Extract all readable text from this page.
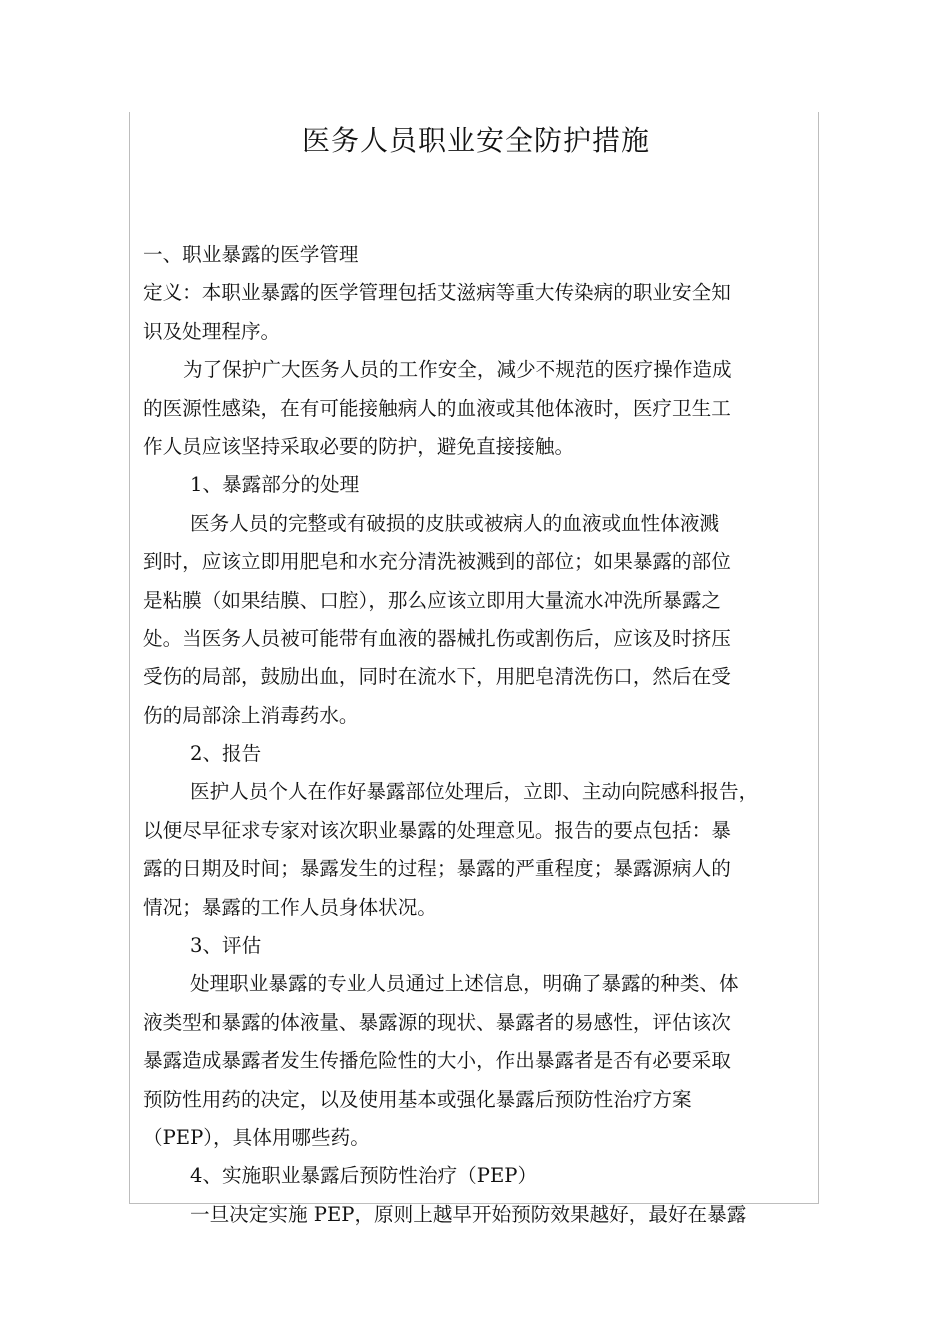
医务人员职业安全防护措施
一、职业暴露的医学管理
定义：本职业暴露的医学管理包括艾滋病等重大传染病的职业安全知
识及处理程序。
为了保护广大医务人员的工作安全，减少不规范的医疗操作造成
的医源性感染，在有可能接触病人的血液或其他体液时，医疗卫生工
作人员应该坚持采取必要的防护，避免直接接触。
1、暴露部分的处理
医务人员的完整或有破损的皮肤或被病人的血液或血性体液溅
到时，应该立即用肥皂和水充分清洗被溅到的部位；如果暴露的部位
是粘膜（如果结膜、口腔），那么应该立即用大量流水冲洗所暴露之
处。当医务人员被可能带有血液的器械扎伤或割伤后，应该及时挤压
受伤的局部，鼓励出血，同时在流水下，用肥皂清洗伤口，然后在受
伤的局部涂上消毒药水。
2、报告
医护人员个人在作好暴露部位处理后，立即、主动向院感科报告，
以便尽早征求专家对该次职业暴露的处理意见。报告的要点包括：暴
露的日期及时间；暴露发生的过程；暴露的严重程度；暴露源病人的
情况；暴露的工作人员身体状况。
3、评估
处理职业暴露的专业人员通过上述信息，明确了暴露的种类、体
液类型和暴露的体液量、暴露源的现状、暴露者的易感性，评估该次
暴露造成暴露者发生传播危险性的大小，作出暴露者是否有必要采取
预防性用药的决定，以及使用基本或强化暴露后预防性治疗方案
（PEP），具体用哪些药。
4、实施职业暴露后预防性治疗（PEP）
一旦决定实施 PEP，原则上越早开始预防效果越好，最好在暴露
